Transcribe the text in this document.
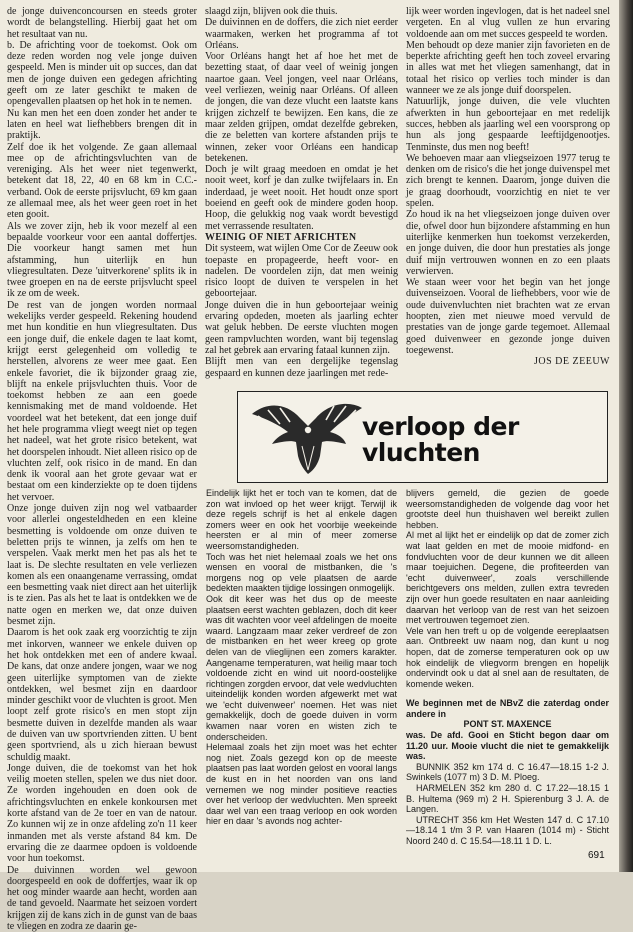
de jonge duivenconcoursen en steeds groter wordt de belangstelling. Hierbij gaat het om het resultaat van nu.

b. De africhting voor de toekomst. Ook om deze reden worden nog vele jonge duiven gespeeld. Men is minder uit op succes, dan dat men de jonge duiven een gedegen africhting geeft om ze later geschikt te maken de opengevallen plaatsen op het hok in te nemen.

Nu kan men het een doen zonder het ander te laten en heel wat liefhebbers brengen dit in praktijk.

Zelf doe ik het volgende. Ze gaan allemaal mee op de africhtingsvluchten van de vereniging. Als het weer niet tegenwerkt, betekent dat 18, 22, 40 en 68 km in C.C.-verband. Ook de eerste prijsvlucht, 69 km gaan ze allemaal mee, als het weer geen roet in het eten gooit.

Als we zover zijn, heb ik voor mezelf al een bepaalde voorkeur voor een aantal doffertjes. Die voorkeur hangt samen met hun afstamming, hun uiterlijk en hun vliegresultaten. Deze 'uitverkorene' splits ik in twee groepen en na de eerste prijsvlucht speel ik ze om de week.

De rest van de jongen worden normaal wekelijks verder gespeeld. Rekening houdend met hun konditie en hun vliegresultaten. Dus een jonge duif, die enkele dagen te laat komt, krijgt eerst gelegenheid om volledig te herstellen, alvorens ze weer mee gaat. Een enkele favoriet, die ik bijzonder graag zie, blijft na enkele prijsvluchten thuis. Voor de toekomst hebben ze aan een goede kennismaking met de mand voldoende. Het voordeel wat het betekent, dat een jonge duif het hele programma vliegt weegt niet op tegen het nadeel, wat het grote risico betekent, wat het doorspelen inhoudt. Niet alleen risico op de vluchten zelf, ook risico in de mand. En dan denk ik vooral aan het grote gevaar wat er bestaat om een kinderziekte op te doen tijdens het vervoer.

Onze jonge duiven zijn nog wel vatbaarder voor allerlei ongesteldheden en een kleine besmetting is voldoende om onze duiven te beletten prijs te winnen, ja zelfs om hen te verspelen. Vaak merkt men het pas als het te laat is. De slechte resultaten en vele verliezen komen als een onaangename verrassing, omdat een besmetting vaak niet direct aan het uiterlijk is te zien. Pas als het te laat is ontdekken we de natte ogen en merken we, dat onze duiven besmet zijn.

Daarom is het ook zaak erg voorzichtig te zijn met inkorven, wanneer we enkele duiven op het hok ontdekken met een of andere kwaal. De kans, dat onze andere jongen, waar we nog geen uiterlijke symptomen van de ziekte ontdekken, wel besmet zijn en daardoor minder geschikt voor de vluchten is groot. Men loopt zelf grote risico's en men stopt zijn besmette duiven in dezelfde manden als waar de duiven van uw sportvrienden zitten. U bent geen sportvriend, als u zich hieraan bewust schuldig maakt.

Jonge duiven, die de toekomst van het hok veilig moeten stellen, spelen we dus niet door. Ze worden ingehouden en doen ook de africhtingsvluchten en enkele konkoursen met korte afstand van de 2e toer en van de natour. Zo kunnen wij ze in onze afdeling zo'n 11 keer inmanden met als verste afstand 84 km. De ervaring die ze daarmee opdoen is voldoende voor hun toekomst.

De duivinnen worden wel gewoon doorgespeeld en ook de doffertjes, waar ik op het oog minder waarde aan hecht, worden aan de tand gevoeld. Naarmate het seizoen vordert krijgen zij de kans zich in de gunst van de baas te vliegen en zodra ze daarin ge-

slaagd zijn, blijven ook die thuis.

De duivinnen en de doffers, die zich niet eerder waarmaken, werken het programma af tot Orléans.

Voor Orléans hangt het af hoe het met de bezetting staat, of daar veel of weinig jongen naartoe gaan. Veel jongen, veel naar Orléans, veel verliezen, weinig naar Orléans. Of alleen de jongen, die van deze vlucht een laatste kans krijgen zichzelf te bewijzen. Een kans, die ze maar zelden grijpen, omdat dezelfde gebreken, die ze beletten van kortere afstanden prijs te winnen, zeker voor Orléans een handicap betekenen.

Doch je wilt graag meedoen en omdat je het nooit weet, korf je dan zulke twijfelaars in. En inderdaad, je weet nooit. Het houdt onze sport boeiend en geeft ook de mindere goden hoop. Hoop, die gelukkig nog vaak wordt bevestigd met verrassende resultaten.

WEINIG OF NIET AFRICHTEN

Dit systeem, wat wijlen Ome Cor de Zeeuw ook toepaste en propageerde, heeft voor- en nadelen. De voordelen zijn, dat men weinig risico loopt de duiven te verspelen in het geboortejaar.

Jonge duiven die in hun geboortejaar weinig ervaring opdeden, moeten als jaarling echter wat geluk hebben. De eerste vluchten mogen geen rampvluchten worden, want bij tegenslag zal het gebrek aan ervaring fataal kunnen zijn.

Blijft men van een dergelijke tegenslag gespaard en kunnen deze jaarlingen met rede-

lijk weer worden ingevlogen, dat is het nadeel snel vergeten. En al vlug vullen ze hun ervaring voldoende aan om met succes gespeeld te worden.

Men behoudt op deze manier zijn favorieten en de beperkte africhting geeft hen toch zoveel ervaring in alles wat met het vliegen samenhangt, dat in totaal het risico op verlies toch minder is dan wanneer we ze als jonge duif doorspelen.

Natuurlijk, jonge duiven, die vele vluchten afwerkten in hun geboortejaar en met redelijk succes, hebben als jaarling wel een voorsprong op hun als jong gespaarde leeftijdgenootjes. Tenminste, dus men nog beeft!

We behoeven maar aan vliegseizoen 1977 terug te denken om de risico's die het jonge duivenspel met zich brengt te kennen. Daarom, jonge duiven die je graag doorhoudt, voorzichtig en niet te ver spelen.

Zo houd ik na het vliegseizoen jonge duiven over die, ofwel door hun bijzondere afstamming en hun uiterlijke kenmerken hun toekomst verzekerden, en jonge duiven, die door hun prestaties als jonge duif mijn vertrouwen wonnen en zo een plaats verwierven.

We staan weer voor het begin van het jonge duivenseizoen. Vooral de liefhebbers, voor wie de oude duivenvluchten niet brachten wat ze ervan hoopten, zien met nieuwe moed vervuld de prestaties van de jonge garde tegemoet. Allemaal goed duivenweer en gezonde jonge duiven toegewenst.

JOS DE ZEEUW

verloop der
vluchten

Eindelijk lijkt het er toch van te komen, dat de zon wat invloed op het weer krijgt. Terwijl ik deze regels schrijf is het al enkele dagen zomers weer en ook het voorbije weekeinde heersten er al min of meer zomerse weersomstandigheden.

Toch was het niet helemaal zoals we het ons wensen en vooral de mistbanken, die 's morgens nog op vele plaatsen de aarde bedekten maakten tijdige lossingen onmogelijk.

Ook dit keer was het dus op de meeste plaatsen eerst wachten geblazen, doch dit keer was dit wachten voor veel afdelingen de moeite waard. Langzaam maar zeker verdreef de zon de mistbanken en het weer kreeg op grote delen van de vlieglijnen een zomers karakter. Aangename temperaturen, wat heilig maar toch voldoende zicht en wind uit noord-oostelijke richtingen zorgden ervoor, dat vele wedvluchten uiteindelijk konden worden afgewerkt met wat we 'echt duivenweer' noemen. Het was niet gemakkelijk, doch de goede duiven in vorm kwamen naar voren en wisten zich te onderscheiden.

Helemaal zoals het zijn moet was het echter nog niet. Zoals gezegd kon op de meeste plaatsen pas laat worden gelost en vooral langs de kust en in het noorden van ons land vernemen we nog minder positieve reacties over het verloop der wedvluchten. Men spreekt daar wel van een traag verloop en ook worden hier en daar 's avonds nog achter-

blijvers gemeld, die gezien de goede weersomstandigheden de volgende dag voor het grootste deel hun thuishaven wel bereikt zullen hebben.

Al met al lijkt het er eindelijk op dat de zomer zich wat laat gelden en met de mooie midfond- en fondvluchten voor de deur kunnen we dit alleen maar toejuichen. Degene, die profiteerden van 'echt duivenweer', zoals verschillende berichtgevers ons melden, zullen extra tevreden zijn over hun goede resultaten en naar aanleiding daarvan het verloop van de rest van het seizoen met vertrouwen tegemoet zien.

Vele van hen treft u op de volgende eereplaatsen aan. Ontbreekt uw naam nog, dan kunt u nog hopen, dat de zomerse temperaturen ook op uw hok eindelijk de vliegvorm brengen en hopelijk ondervindt ook u dat al snel aan de resultaten, de komende weken.

We beginnen met de NBvZ die zaterdag onder andere in

PONT ST. MAXENCE

was. De afd. Gooi en Sticht begon daar om 11.20 uur. Mooie vlucht die niet te gemakkelijk was.

BUNNIK 352 km 174 d. C 16.47—18.15 1-2 J. Swinkels (1077 m) 3 D. M. Ploeg.

HARMELEN 352 km 280 d. C 17.22—18.15 1 B. Hultema (969 m) 2 H. Spierenburg 3 J. A. de Langen.

UTRECHT 356 km Het Westen 147 d. C 17.10—18.14 1 t/m 3 P. van Haaren (1014 m) - Sticht Noord 240 d. C 15.54—18.11 1 D. L.

691
